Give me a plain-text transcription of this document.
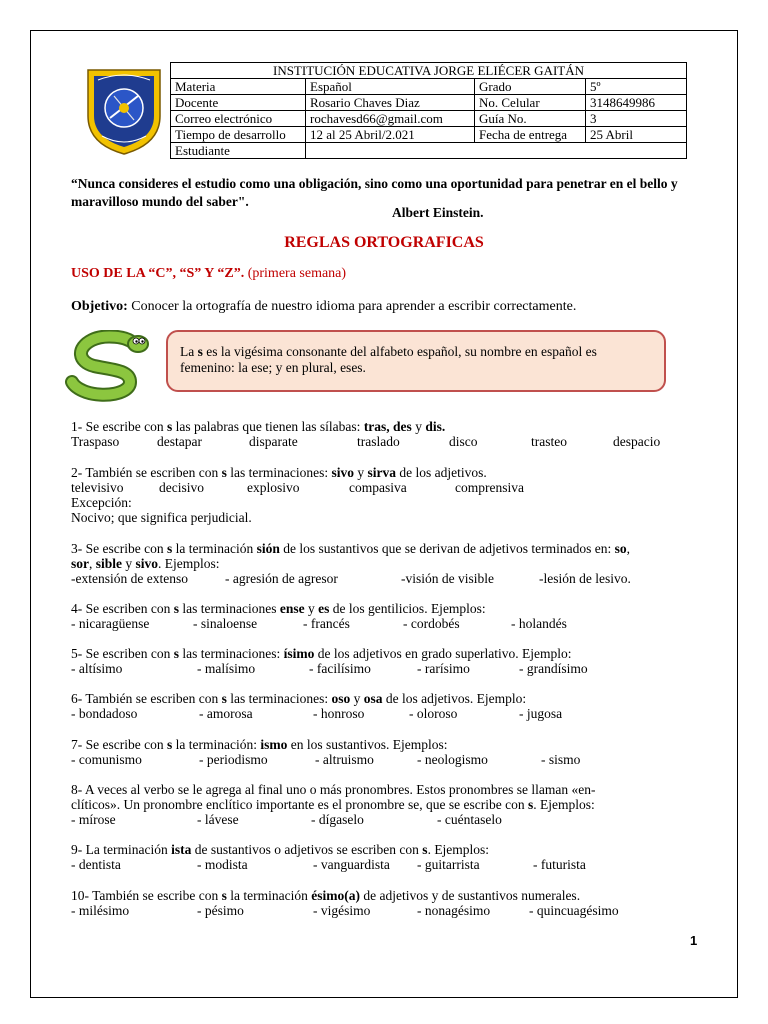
INSTITUCIÓN EDUCATIVA JORGE ELIÉCER GAITÁN			
Materia	Español	Grado	5º
Docente	Rosario Chaves Diaz	No. Celular	3148649986
Correo electrónico	rochavesd66@gmail.com	Guía No.	3
Tiempo de desarrollo	12 al 25 Abril/2.021	Fecha de entrega	25 Abril
Estudiante			
“Nunca consideres el estudio como una obligación, sino como una oportunidad para penetrar en el bello y maravilloso mundo del saber".
Albert Einstein.
REGLAS ORTOGRAFICAS
USO DE LA “C”, “S” Y “Z”. (primera semana)
Objetivo: Conocer la ortografía de nuestro idioma para aprender a escribir correctamente.
La s es la vigésima consonante del alfabeto español, su nombre en español es femenino: la ese; y en plural, eses.
1- Se escribe con s las palabras que tienen las sílabas: tras, des y dis.
Traspaso	destapar	disparate	traslado	disco	trasteo	despacio
2- También se escriben con s las terminaciones: sivo y sirva de los adjetivos.
televisivo	decisivo	explosivo	compasiva	comprensiva
Excepción:
Nocivo; que significa perjudicial.
3- Se escribe con s la terminación sión de los sustantivos que se derivan de adjetivos terminados en: so,
sor, sible y sivo. Ejemplos:
-extensión de extenso	- agresión de agresor	-visión de visible	-lesión de lesivo.
4- Se escriben con s las terminaciones ense y es de los gentilicios. Ejemplos:
- nicaragüense	- sinaloense	- francés	- cordobés	- holandés
5- Se escriben con s las terminaciones: ísimo de los adjetivos en grado superlativo. Ejemplo:
- altísimo	- malísimo	- facilísimo	- rarísimo	- grandísimo
6- También se escriben con s las terminaciones: oso y osa de los adjetivos. Ejemplo:
- bondadoso	- amorosa	- honroso	- oloroso	- jugosa
7- Se escribe con s la terminación: ismo en los sustantivos. Ejemplos:
- comunismo	- periodismo	- altruismo	- neologismo	- sismo
8- A veces al verbo se le agrega al final uno o más pronombres. Estos pronombres se llaman «en-
clíticos». Un pronombre enclítico importante es el pronombre se, que se escribe con s. Ejemplos:
- mírose	- lávese	- dígaselo	- cuéntaselo
9- La terminación ista de sustantivos o adjetivos se escriben con s. Ejemplos:
- dentista	- modista	- vanguardista	- guitarrista	- futurista
10- También se escribe con s la terminación ésimo(a) de adjetivos y de sustantivos numerales.
- milésimo	- pésimo	- vigésimo	- nonagésimo	- quincuagésimo
1
